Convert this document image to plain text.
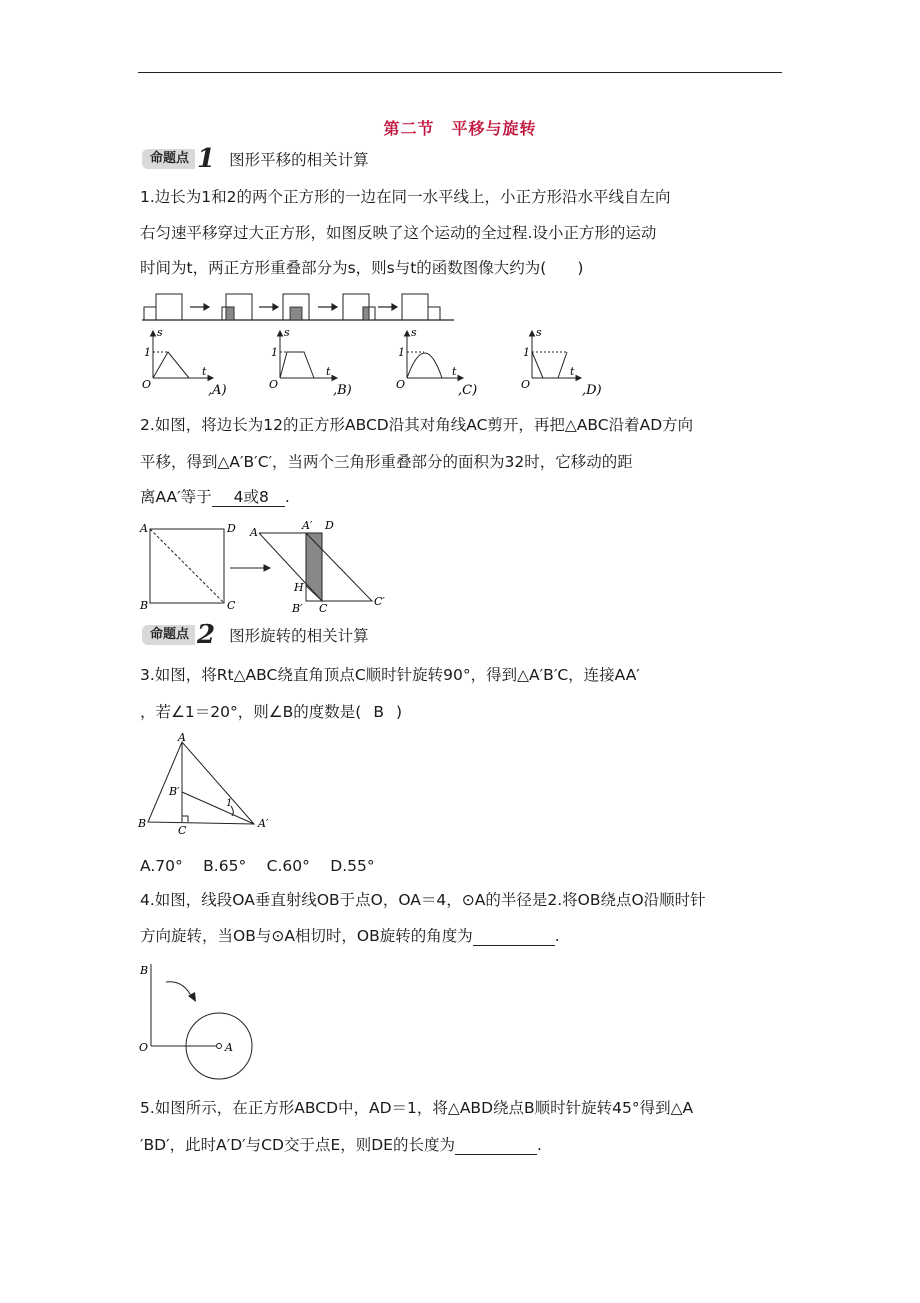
第二节　平移与旋转
命题点 1 图形平移的相关计算
1.边长为1和2的两个正方形的一边在同一水平线上，小正方形沿水平线自左向
右匀速平移穿过大正方形，如图反映了这个运动的全过程.设小正方形的运动
时间为t，两正方形重叠部分为s，则s与t的函数图像大约为(　　)
s
1
O
t
s
1
O
t
s
1
O
t
s
1
O
t
,A)	,B)	,C)	,D)
2.如图，将边长为12的正方形ABCD沿其对角线AC剪开，再把△ABC沿着AD方向
平移，得到△A′B′C′，当两个三角形重叠部分的面积为32时，它移动的距
离AA′等于 4或8 .
A	D
B	C
A
A′ D
H
B′ C
C′
命题点 2 图形旋转的相关计算
3.如图，将Rt△ABC绕直角顶点C顺时针旋转90°，得到△A′B′C，连接AA′
，若∠1＝20°，则∠B的度数是( B )
A
B′
B
C
A′
1
A.70°　 B.65°　 C.60°　 D.55°
4.如图，线段OA垂直射线OB于点O，OA＝4，⊙A的半径是2.将OB绕点O沿顺时针
方向旋转，当OB与⊙A相切时，OB旋转的角度为	.
B
O	A
5.如图所示，在正方形ABCD中，AD＝1，将△ABD绕点B顺时针旋转45°得到△A
′BD′，此时A′D′与CD交于点E，则DE的长度为	.
